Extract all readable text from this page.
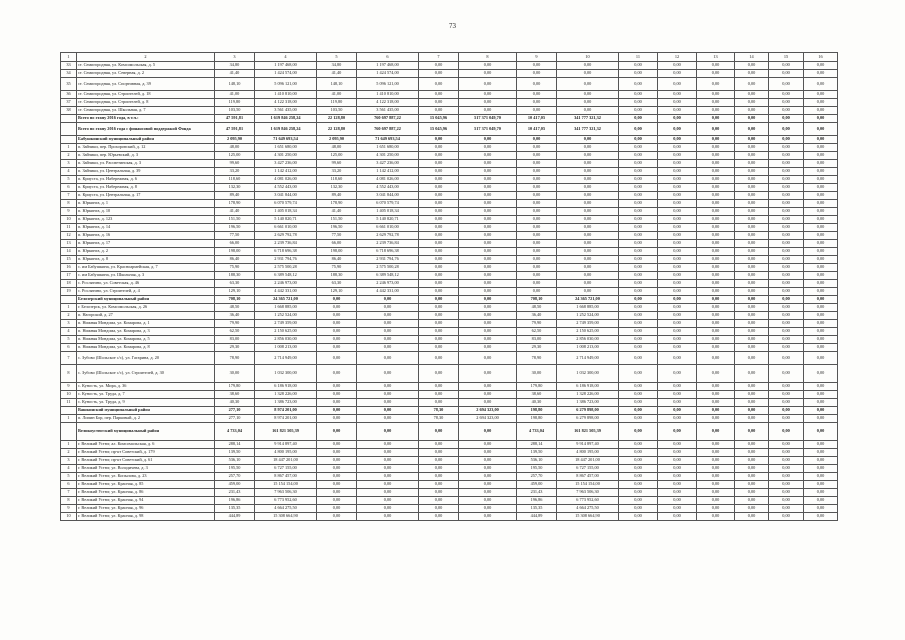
73
1	2	3	4	5	6	7	8	9	10	11	12	13	14	15	16
33	ст. Семигородняя, ул. Комсомольская, д. 5	34,80	1 197 468,00	34,80	1 197 468,00	0,00	0,00	0,00	0,00	0,00	0,00	0,00	0,00	0,00	0,00
34	ст. Семигородняя, ул. Северная, д. 2	41,40	1 424 574,00	41,40	1 424 574,00	0,00	0,00	0,00	0,00	0,00	0,00	0,00	0,00	0,00	0,00
35	ст. Семигородняя, ул. Спортивная, д. 39	148,10	5 096 121,00	148,10	5 096 121,00	0,00	0,00	0,00	0,00	0,00	0,00	0,00	0,00	0,00	0,00
36	ст. Семигородняя, ул. Строителей, д. 18	41,00	1 410 810,00	41,00	1 410 810,00	0,00	0,00	0,00	0,00	0,00	0,00	0,00	0,00	0,00	0,00
37	ст. Семигородняя, ул. Строителей, д. 8	119,80	4 122 318,00	119,80	4 122 318,00	0,00	0,00	0,00	0,00	0,00	0,00	0,00	0,00	0,00	0,00
38	ст. Семигородняя, ул. Школьная, д. 7	103,50	3 561 435,00	103,50	3 561 435,00	0,00	0,00	0,00	0,00	0,00	0,00	0,00	0,00	0,00	0,00
	Всего по этапу 2016 года, в т.ч.:	47 591,81	1 619 846 258,24	22 128,80	760 697 887,22	15 045,96	517 371 049,70	10 417,05	341 777 321,32	0,00	0,00	0,00	0,00	0,00	0,00
	Всего по этапу 2016 года с финансовой поддержкой Фонда	47 591,81	1 619 846 258,24	22 128,80	760 697 887,22	15 045,96	517 371 049,70	10 417,05	341 777 321,32	0,00	0,00	0,00	0,00	0,00	0,00
	Бабушкинский муниципальный район	2 095,90	71 649 693,54	2 095,90	71 649 693,54	0,00	0,00	0,00	0,00	0,00	0,00	0,00	0,00	0,00	0,00
1	п. Зайчики, пер. Прохоровский, д. 12	48,00	1 651 680,00	48,00	1 651 680,00	0,00	0,00	0,00	0,00	0,00	0,00	0,00	0,00	0,00	0,00
2	п. Зайчики, пер. Юрьевский, д. 3	125,00	4 301 250,00	125,00	4 301 250,00	0,00	0,00	0,00	0,00	0,00	0,00	0,00	0,00	0,00	0,00
3	п. Зайчики, ул. Рассветинская, д. 3	99,60	3 427 236,00	99,60	3 427 236,00	0,00	0,00	0,00	0,00	0,00	0,00	0,00	0,00	0,00	0,00
4	п. Зайчики, ул. Центральная, д. 39	33,20	1 142 412,00	33,20	1 142 412,00	0,00	0,00	0,00	0,00	0,00	0,00	0,00	0,00	0,00	0,00
5	п. Криуста, ул. Набережная, д. 6	118,60	4 081 026,00	118,60	4 081 026,00	0,00	0,00	0,00	0,00	0,00	0,00	0,00	0,00	0,00	0,00
6	п. Криуста, ул. Набережная, д. 8	132,30	4 552 443,00	132,30	4 552 443,00	0,00	0,00	0,00	0,00	0,00	0,00	0,00	0,00	0,00	0,00
7	п. Криуста, ул. Центральная, д. 17	89,40	3 041 844,00	89,40	3 041 844,00	0,00	0,00	0,00	0,00	0,00	0,00	0,00	0,00	0,00	0,00
8	п. Юркинга, д. 1	178,90	6 070 579,74	178,90	6 070 579,74	0,00	0,00	0,00	0,00	0,00	0,00	0,00	0,00	0,00	0,00
9	п. Юркинга, д. 10	41,40	1 405 018,34	41,40	1 405 018,34	0,00	0,00	0,00	0,00	0,00	0,00	0,00	0,00	0,00	0,00
10	п. Юркинга, д. 123	151,50	5 140 820,71	151,50	5 140 820,71	0,00	0,00	0,00	0,00	0,00	0,00	0,00	0,00	0,00	0,00
11	п. Юркинга, д. 14	196,50	6 661 010,00	196,50	6 661 010,00	0,00	0,00	0,00	0,00	0,00	0,00	0,00	0,00	0,00	0,00
12	п. Юркинга, д. 16	77,50	2 629 792,78	77,50	2 629 792,78	0,00	0,00	0,00	0,00	0,00	0,00	0,00	0,00	0,00	0,00
13	п. Юркинга, д. 17	66,00	2 239 736,84	66,00	2 239 736,84	0,00	0,00	0,00	0,00	0,00	0,00	0,00	0,00	0,00	0,00
14	п. Юркинга, д. 2	198,00	6 718 696,38	198,00	6 718 696,38	0,00	0,00	0,00	0,00	0,00	0,00	0,00	0,00	0,00	0,00
15	п. Юркинга, д. 8	86,40	2 931 794,76	86,40	2 931 794,76	0,00	0,00	0,00	0,00	0,00	0,00	0,00	0,00	0,00	0,00
16	с. им Бабушкина, ул. Красноармейская, д. 7	75,90	2 575 500,28	75,90	2 575 500,28	0,00	0,00	0,00	0,00	0,00	0,00	0,00	0,00	0,00	0,00
17	с. им Бабушкина, ул. Школьная, д. 3	188,30	6 389 548,12	188,30	6 389 548,12	0,00	0,00	0,00	0,00	0,00	0,00	0,00	0,00	0,00	0,00
18	с. Рослятино, ул. Советская, д. 46	63,30	2 246 973,00	63,30	2 246 973,00	0,00	0,00	0,00	0,00	0,00	0,00	0,00	0,00	0,00	0,00
19	с. Рослятино, ул. Строителей, д. 4	129,10	4 442 331,00	129,10	4 442 331,00	0,00	0,00	0,00	0,00	0,00	0,00	0,00	0,00	0,00	0,00
	Белозерский муниципальный район	708,10	24 365 721,00	0,00	0,00	0,00	0,00	708,10	24 365 721,00	0,00	0,00	0,00	0,00	0,00	0,00
1	г. Белозерск, ул. Комсомольская, д. 26	48,50	1 668 885,00	0,00	0,00	0,00	0,00	48,50	1 668 885,00	0,00	0,00	0,00	0,00	0,00	0,00
2	п. Нагорский, д. 27	36,40	1 252 524,00	0,00	0,00	0,00	0,00	36,40	1 252 524,00	0,00	0,00	0,00	0,00	0,00	0,00
3	п. Нижняя Мондома, ул. Комарова, д. 1	79,90	2 749 359,00	0,00	0,00	0,00	0,00	79,90	2 749 359,00	0,00	0,00	0,00	0,00	0,00	0,00
4	п. Нижняя Мондома, ул. Комарова, д. 3	62,50	2 150 625,00	0,00	0,00	0,00	0,00	62,50	2 150 625,00	0,00	0,00	0,00	0,00	0,00	0,00
5	п. Нижняя Мондома, ул. Комарова, д. 5	83,00	2 856 030,00	0,00	0,00	0,00	0,00	83,00	2 856 030,00	0,00	0,00	0,00	0,00	0,00	0,00
6	п. Нижняя Мондома, ул. Комарова, д. 8	29,30	1 008 213,00	0,00	0,00	0,00	0,00	29,30	1 008 213,00	0,00	0,00	0,00	0,00	0,00	0,00
7	с. Зубово (Шольское с/с), ул. Гагарина, д. 20	78,90	2 714 949,00	0,00	0,00	0,00	0,00	78,90	2 714 949,00	0,00	0,00	0,00	0,00	0,00	0,00
8	с. Зубово (Шольское с/с), ул. Строителей, д. 30	30,00	1 032 300,00	0,00	0,00	0,00	0,00	30,00	1 032 300,00	0,00	0,00	0,00	0,00	0,00	0,00
9	с. Куность, ул. Мира, д. 36	179,80	6 186 918,00	0,00	0,00	0,00	0,00	179,80	6 186 918,00	0,00	0,00	0,00	0,00	0,00	0,00
10	с. Куность, ул. Труда, д. 7	38,60	1 328 226,00	0,00	0,00	0,00	0,00	38,60	1 328 226,00	0,00	0,00	0,00	0,00	0,00	0,00
11	с. Куность, ул. Труда, д. 9	40,30	1 386 723,00	0,00	0,00	0,00	0,00	40,30	1 386 723,00	0,00	0,00	0,00	0,00	0,00	0,00
	Вашкинский муниципальный район	277,10	8 974 201,00	0,00	0,00	78,30	2 694 323,00	198,80	6 279 898,00	0,00	0,00	0,00	0,00	0,00	0,00
1	п. Липин Бор, пер. Парковый, д. 2	277,10	8 974 201,00	0,00	0,00	78,30	2 694 323,00	198,80	6 279 898,00	0,00	0,00	0,00	0,00	0,00	0,00
	Великоустюгский муниципальный район	4 733,04	161 821 505,39	0,00	0,00	0,00	0,00	4 733,04	161 821 505,39	0,00	0,00	0,00	0,00	0,00	0,00
1	г. Великий Устюг, ал. Комсомольская, д. 6	288,14	9 914 897,40	0,00	0,00	0,00	0,00	288,14	9 914 897,40	0,00	0,00	0,00	0,00	0,00	0,00
2	г. Великий Устюг, пр-кт Советский, д. 179	139,50	4 800 195,00	0,00	0,00	0,00	0,00	139,50	4 800 195,00	0,00	0,00	0,00	0,00	0,00	0,00
3	г. Великий Устюг, пр-кт Советский, д. 61	536,10	18 447 201,00	0,00	0,00	0,00	0,00	536,10	18 447 201,00	0,00	0,00	0,00	0,00	0,00	0,00
4	г. Великий Устюг, ул. Володичева, д. 3	195,50	6 727 155,00	0,00	0,00	0,00	0,00	195,50	6 727 155,00	0,00	0,00	0,00	0,00	0,00	0,00
5	г. Великий Устюг, ул. Копылова, д. 23	257,70	8 867 457,00	0,00	0,00	0,00	0,00	257,70	8 867 457,00	0,00	0,00	0,00	0,00	0,00	0,00
6	г. Великий Устюг, ул. Красная, д. 85	459,00	15 154 154,00	0,00	0,00	0,00	0,00	459,00	15 154 154,00	0,00	0,00	0,00	0,00	0,00	0,00
7	г. Великий Устюг, ул. Красная, д. 86	231,43	7 963 506,30	0,00	0,00	0,00	0,00	231,43	7 963 506,30	0,00	0,00	0,00	0,00	0,00	0,00
8	г. Великий Устюг, ул. Красная, д. 94	196,86	6 773 952,60	0,00	0,00	0,00	0,00	196,86	6 773 952,60	0,00	0,00	0,00	0,00	0,00	0,00
9	г. Великий Устюг, ул. Красная, д. 96	135,35	4 664 275,50	0,00	0,00	0,00	0,00	135,35	4 664 275,50	0,00	0,00	0,00	0,00	0,00	0,00
10	г. Великий Устюг, ул. Красная, д. 98	444,89	15 308 664,90	0,00	0,00	0,00	0,00	444,89	15 308 664,90	0,00	0,00	0,00	0,00	0,00	0,00
